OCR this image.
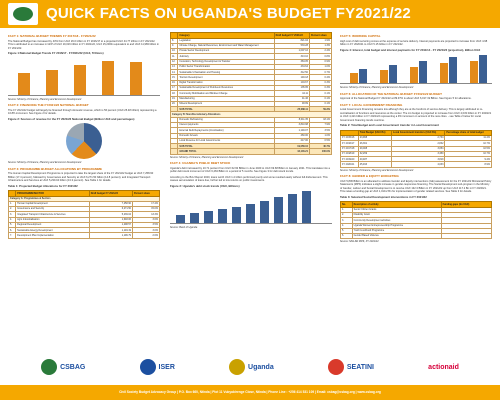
QUICK FACTS ON UGANDA'S BUDGET FY2021/22
FACT 1: NATIONAL BUDGET TRENDS FY 2017/18 - FY2021/22
The National Budget has increased by 43% from UGX 29.0 trillion in FY 2016/17 to a projected UGX 44.77 trillion in FY 2021/22. This is attributed to an increase in GFP of UGX 19,016 trillion in FY 2021/22, UGX 15,230bn equivalent to and UGX 11,983 billion in FY 2021/22.
Figure 1:National Budget Trends FY 2016/17 - FY2021/22 (UGX, Trillions)
Source: Ministry of Finance, Planning and Economic Development
FACT 2: FINANCING THE FY2021/22 NATIONAL BUDGET
The FY 2021/22 budget will largely be financed through domestic revenue, which is 56 percent (UGX 25.48 trillion) representing a 16.8% increment. See Figure 2 for details.
Figure 2: Sources of revenue for the FY 2021/22 National Budget (Billion UGX and percentages)
Source: Ministry of Finance, Planning and Economic Development
FACT 3: PROGRAMME BUDGET ALLOCATIONS BY PROGRAMME
The Human Capital Development Programme is projected to take the largest share of the FY 2021/22 budget at UGX 7,258.90 Billion (17.4 percent), followed by Governance and Security at UGX 6,271.50 billion (14.8 percent), and Integrated Transport Infrastructure and Services at UGX 5,239.04 billion (13.3 percent). See Table 1 for details.
Table 1: Projected Budget Allocations for FY 2021/22
	PROGRAMME/SECTOR	Draft budget FY 2021/22	Percent share
Category A: Programmes & Sectors			
1.	Human Capital Development	7,258.90	17.4%
2.	Governance and Security	6,271.50	15.0%
3.	Integrated Transport Infrastructure & Services	5,239.04	13.3%
4.	Agro Industrialisation	1,648.06	3.6%
5.	Regional Development	1,298.57	3.5%
6.	Sustainable Energy Development	1,149.19	3.0%
7.	Development Plan Implementation	1,196.79	2.6%
	Category	Draft budget FY 2021/22	Percent share
8.	Legislation	821.04	1.9%
9.	Climate Change, Natural Resources, Environment and Water Management	533.28	1.3%
10.	Private Sector Development	1,007.16	2.4%
11.	Judiciary	313.10	0.8%
12.	Innovation, Technology Development & Transfer	384.05	0.9%
13.	Public Sector Transformation	434.64	1.0%
14.	Sustainable Urbanisation and Housing	312.50	0.7%
15.	Tourism Development	149.18	0.4%
16.	Digital Transformation	104.67	0.3%
17.	Sustainable Development of Petroleum Resources	135.95	0.3%
18.	Community Mobilisation and Mindset Change	44.11	0.1%
19.	Manufacturing	41.46	0.1%
20.	Mineral Development	48.99	0.1%
	SUB TOTAL	25,088.11	59.3%
Category B: Non-Discretionary Allocations			
	Domestic Refinancing	8,011.35	18.1%
	Interest payments	3,810.98	7.9%
	External Debt Repayments (Amortisation)	1,149.07	3.5%
	Domestic Arrears	460.00	1.0%
	Local Revenue for Local Governments	217.00	0.5%
	SUB TOTAL	19,058.10	40.7%
	GRAND TOTAL	44,146.21	100.0%
Source: Ministry of Finance, Planning and Economic Development
FACT 4: UGANDA'S PUBLIC DEBT STOCK
Uganda's debt increased by 10.71 percent from UGX 62.93 Billion in June 2020 to UGX 69.68 Billion in January 2021. This translates into a public debt stock increment of UGX 6,463 Billion in a period of 5 months. See Figure 3 for debt stock trends.
According to the BoU Report 2020, loans worth UGX 1.4 trillion performed poorly and some resulted easily without full disbursement. This causes accumulation of loans due, further led to low returns on public investments.
Figure 3: Uganda's debt stock trends (UGX, Billions)
Source: Bank of Uganda
FACT 5: WORKING CAPITAL
High cost of debt servicing comes at the expense of service delivery. Interest payments are projected to increase from UGX 4.98 billion in FY 2020/21 to UGX 5.15 billion in FY 2021/22.
Figure 4: Interest, total budget and interest payments for FY 2011/14 - FY 2021/22 (projection), Billion UGX
Source: Ministry of Finance, Planning and Economic Development
FACT 6: ALLOCATION OF THE NATIONAL BUDGET FY2021/22 BUDGET
Approval of the National Budget FY 2021/22 at 89.97% is about UGX 6,017.19 Billion. See Figure 5 for allocations.
FACT 7: LOCAL GOVERNMENT FINANCING
Local Government Financing remains low although they are at the forefront of service delivery. This is largely attributed to re-centralisation of functions and resources at the center. The LG budget is projected to increase from UGX 4,033 billion in FY 2020/21 to UGX 4,421 billion in FY 2021/22 representing a 9% increment on account of the new cities. - see Table 2 below for Local Government financing trends overtime.
Table 2: Total Budget and Local Government transfer in Local Government
	Total Budget (UGX Bn)	Local Government transfers (UGX Bn)	Percentage share of total budget
FY 2015/16	23,968	2,734	11.4%
FY 2016/17	26,361	2,832	10.7%
FY 2017/18	29,008	3,054	10.5%
FY 2018/19	32,269	3,450	10.7%
FY 2019/20	40,487	3,819	9.4%
FY 2020/21	45,493	4,033	8.9%
Source: Ministry of Finance, Planning and Economic Development
FACT 8: GENDER & EQUITY BUDGETING
UGX 5,806 Billion is an allocated to address Gender and Equity interventions (GE) assessment for the FY 2021/22 Ministerial Policy Statements (MPS) indicates a slight increase in gender-responsive financing. The Social Development sub-program in the Ministry of Gender, Labour and Social Development is to receive UGX 132.3 Billion in FY 2021/22 up from UGX 117.2 Bn in FY 2020/21. This raises a funding gap at UGX 1,019.2 Bn for implementation of gender related services. See Table 3 for details.
Table 3: Selected Social Development interventions in FY 2021/22
No.	Description of activity	Funding gaps (bn UGX)
1.	Senior Citizen Grants	
2.	Disability Grant	
3.	Community Development activities	
4.	Uganda Women Entrepreneurship Programme	
5.	Youth Livelihood Programme	
6.	Gender Based Violence	
Source: MGLSD MPS, FY 2021/22
CSBAG	ISER	Uganda	SEATINI	actionaid
Civil Society Budget Advocacy Group | P.O. Box 660, Ntinda | Plot 11 Vubyabirenge Close, Ntinda | Phone Line : +256 414 531 109 | Email: csbag@csbag.org | www.csbag.org
